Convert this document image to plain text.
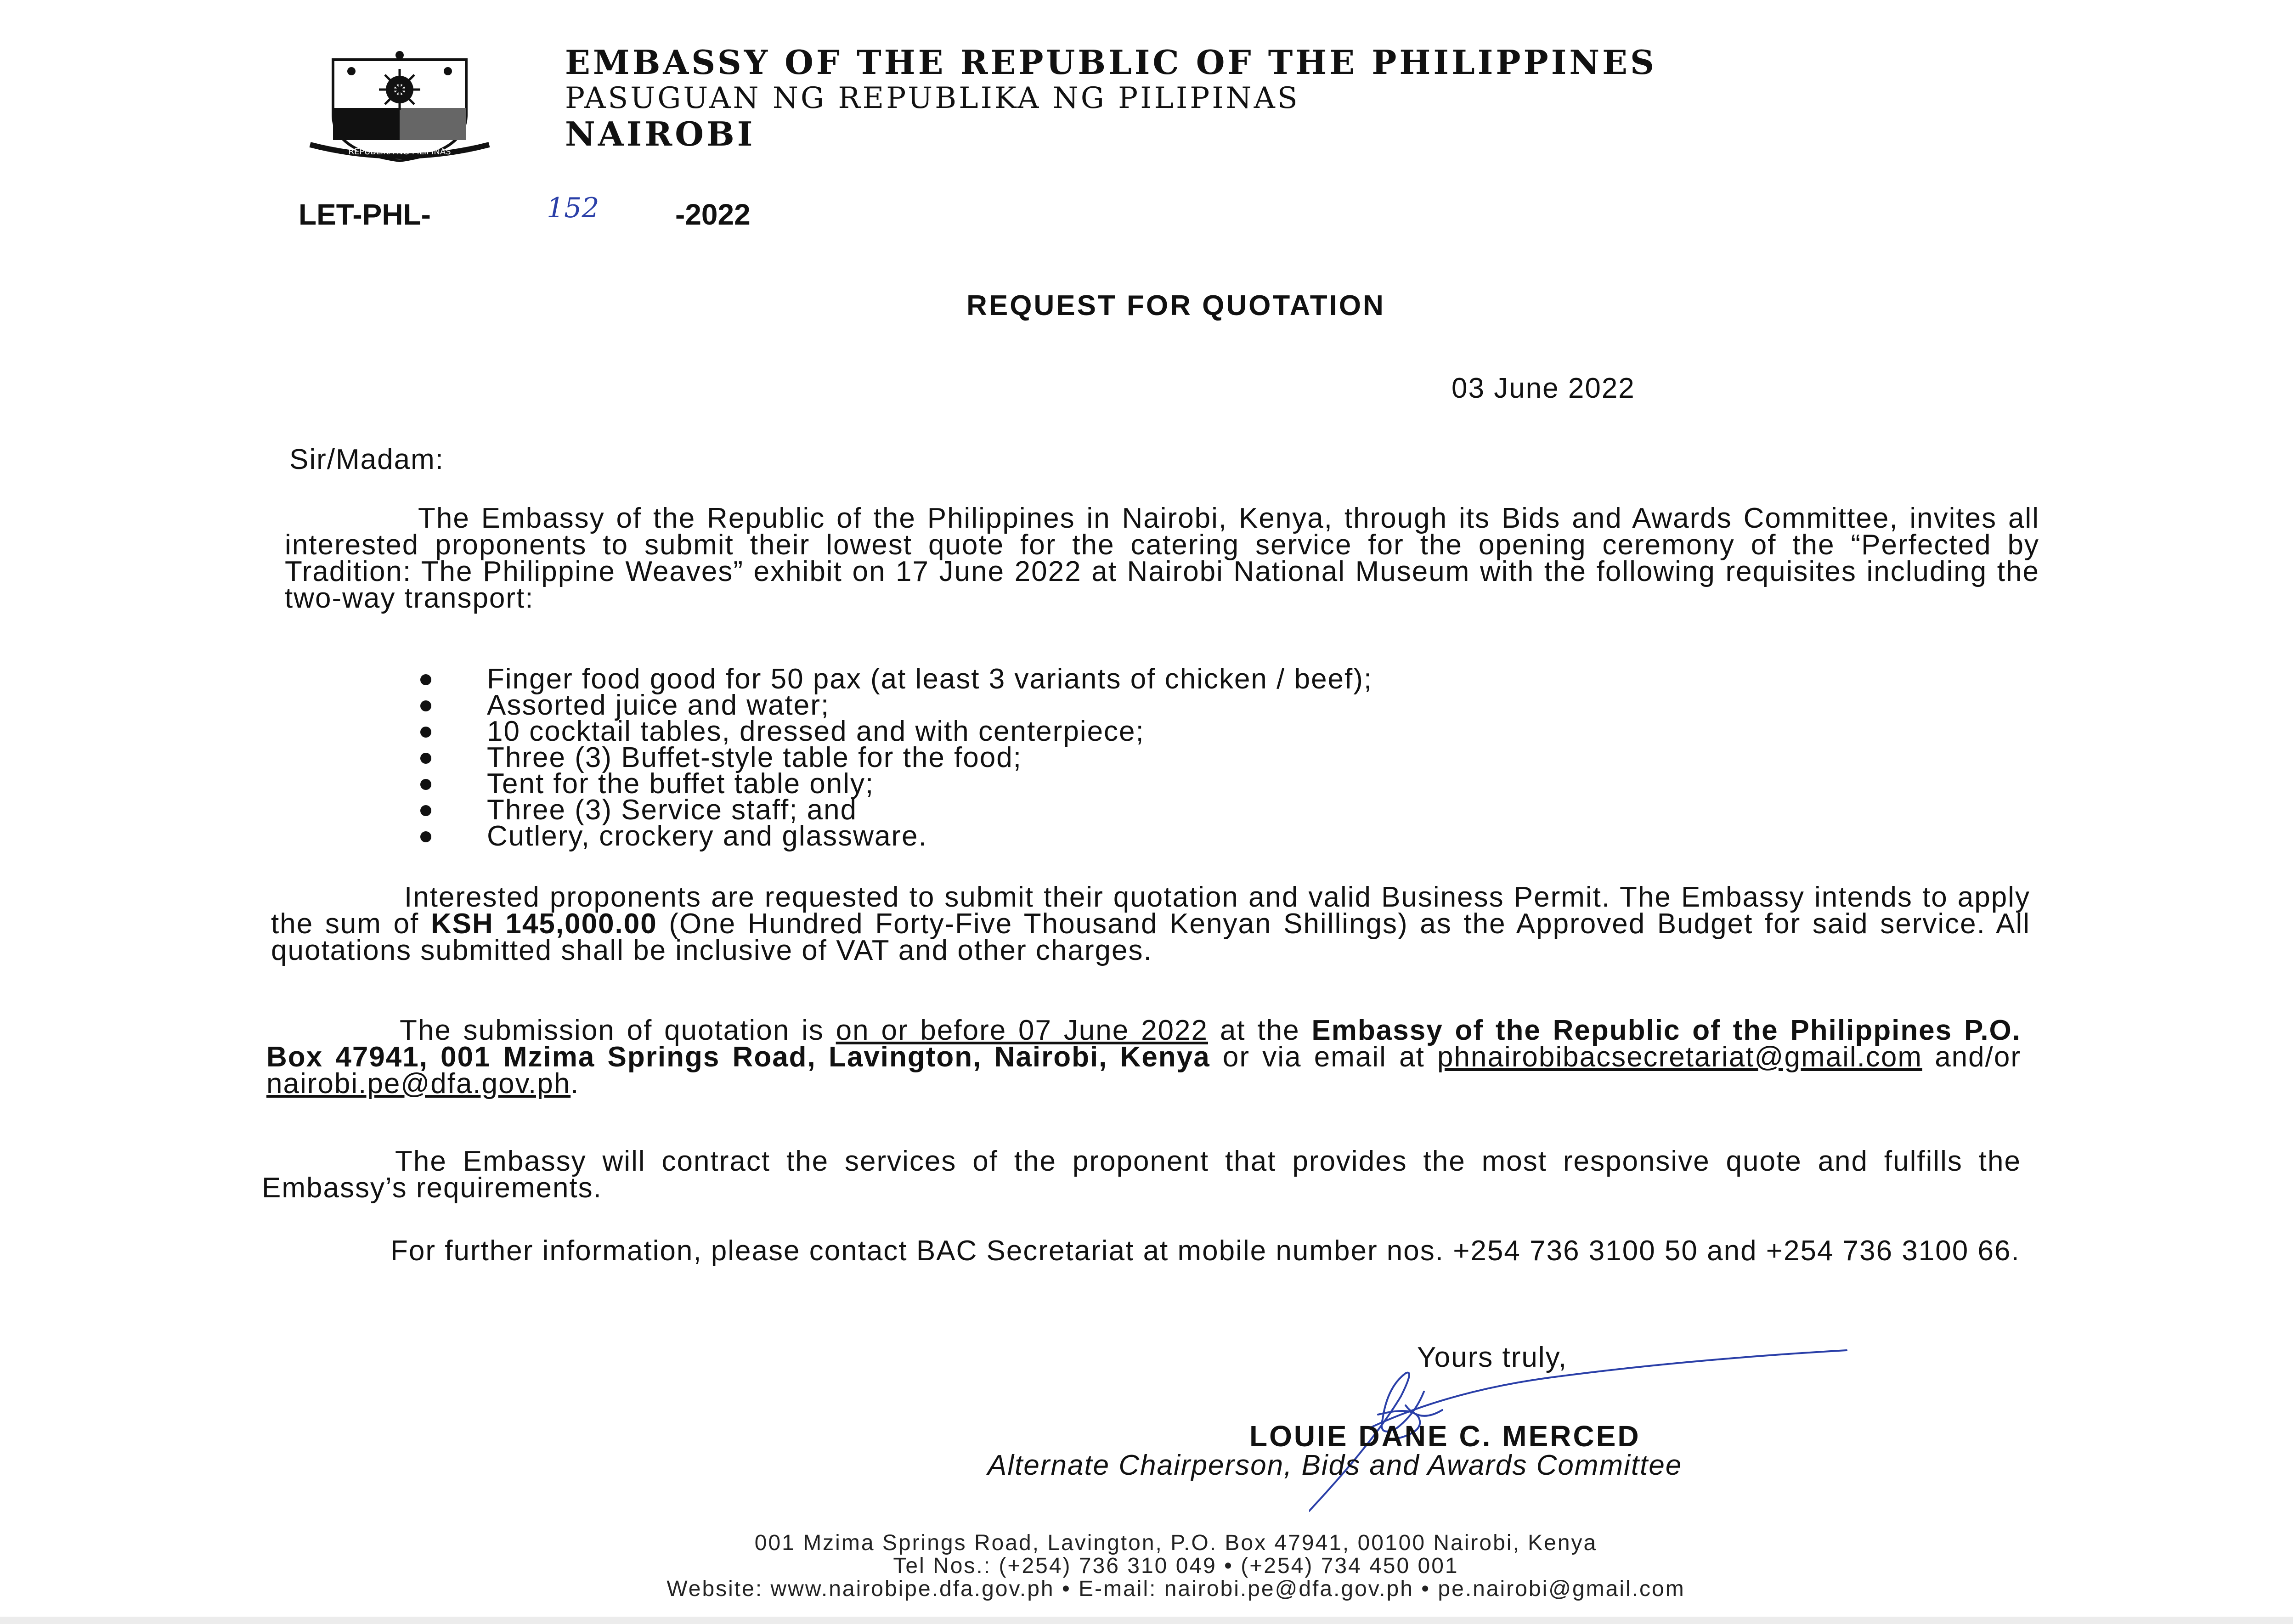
REPUBLIKA NG PILIPINAS
EMBASSY OF THE REPUBLIC OF THE PHILIPPINES
PASUGUAN NG REPUBLIKA NG PILIPINAS
NAIROBI
LET-PHL-	152	-2022
REQUEST FOR QUOTATION
03 June 2022
Sir/Madam:
The Embassy of the Republic of the Philippines in Nairobi, Kenya, through its Bids and Awards Committee, invites all interested proponents to submit their lowest quote for the catering service for the opening ceremony of the “Perfected by Tradition: The Philippine Weaves” exhibit on 17 June 2022 at Nairobi National Museum with the following requisites including the two-way transport:
Finger food good for 50 pax (at least 3 variants of chicken / beef);
Assorted juice and water;
10 cocktail tables, dressed and with centerpiece;
Three (3) Buffet-style table for the food;
Tent for the buffet table only;
Three (3) Service staff; and
Cutlery, crockery and glassware.
Interested proponents are requested to submit their quotation and valid Business Permit. The Embassy intends to apply the sum of KSH 145,000.00 (One Hundred Forty-Five Thousand Kenyan Shillings) as the Approved Budget for said service. All quotations submitted shall be inclusive of VAT and other charges.
The submission of quotation is on or before 07 June 2022 at the Embassy of the Republic of the Philippines P.O. Box 47941, 001 Mzima Springs Road, Lavington, Nairobi, Kenya or via email at phnairobibacsecretariat@gmail.com and/or nairobi.pe@dfa.gov.ph.
The Embassy will contract the services of the proponent that provides the most responsive quote and fulfills the Embassy’s requirements.
For further information, please contact BAC Secretariat at mobile number nos. +254 736 3100 50 and +254 736 3100 66.
Yours truly,
LOUIE DANE C. MERCED
Alternate Chairperson, Bids and Awards Committee
001 Mzima Springs Road, Lavington, P.O. Box 47941, 00100 Nairobi, Kenya
Tel Nos.: (+254) 736 310 049 • (+254) 734 450 001
Website: www.nairobipe.dfa.gov.ph • E-mail: nairobi.pe@dfa.gov.ph • pe.nairobi@gmail.com
